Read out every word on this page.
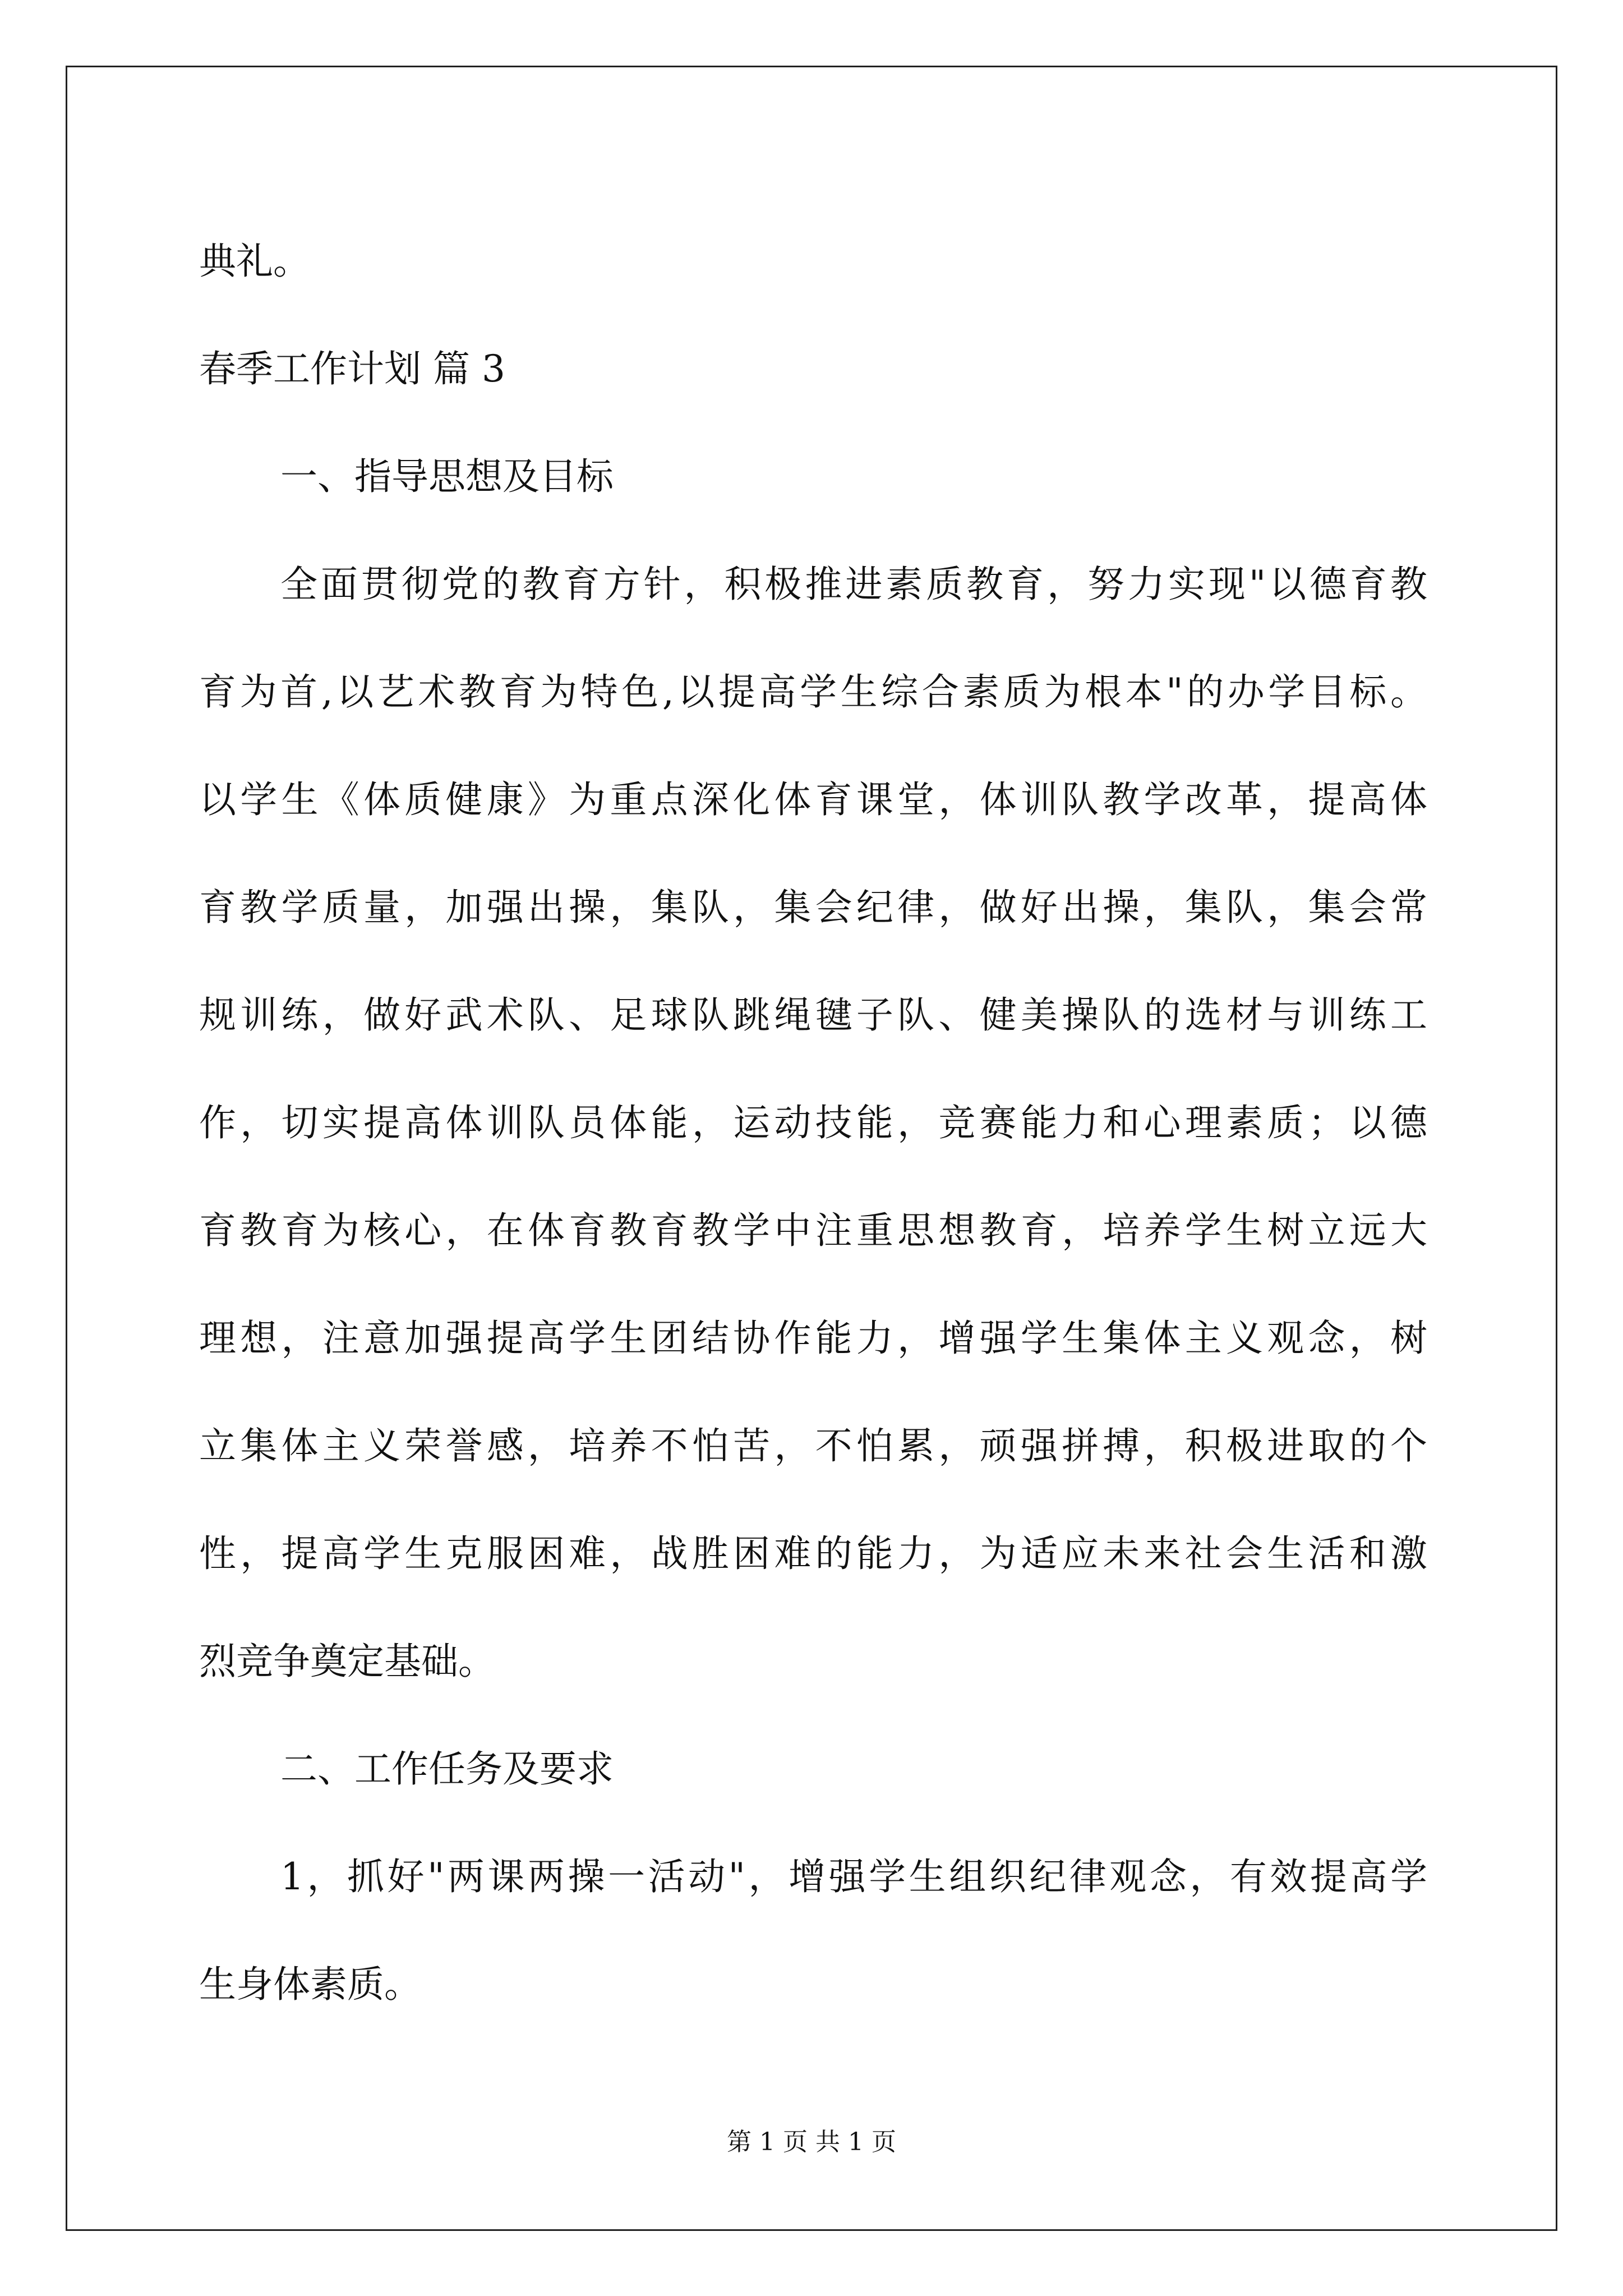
典礼。
春季工作计划 篇 3
一、指导思想及目标
全面贯彻党的教育方针，积极推进素质教育，努力实现"以德育教
育为首,以艺术教育为特色,以提高学生综合素质为根本"的办学目标。
以学生《体质健康》为重点深化体育课堂，体训队教学改革，提高体
育教学质量，加强出操，集队，集会纪律，做好出操，集队，集会常
规训练，做好武术队、足球队跳绳毽子队、健美操队的选材与训练工
作，切实提高体训队员体能，运动技能，竞赛能力和心理素质；以德
育教育为核心，在体育教育教学中注重思想教育，培养学生树立远大
理想，注意加强提高学生团结协作能力，增强学生集体主义观念，树
立集体主义荣誉感，培养不怕苦，不怕累，顽强拼搏，积极进取的个
性，提高学生克服困难，战胜困难的能力，为适应未来社会生活和激
烈竞争奠定基础。
二、工作任务及要求
1，抓好"两课两操一活动"，增强学生组织纪律观念，有效提高学
生身体素质。
第 1 页 共 1 页
